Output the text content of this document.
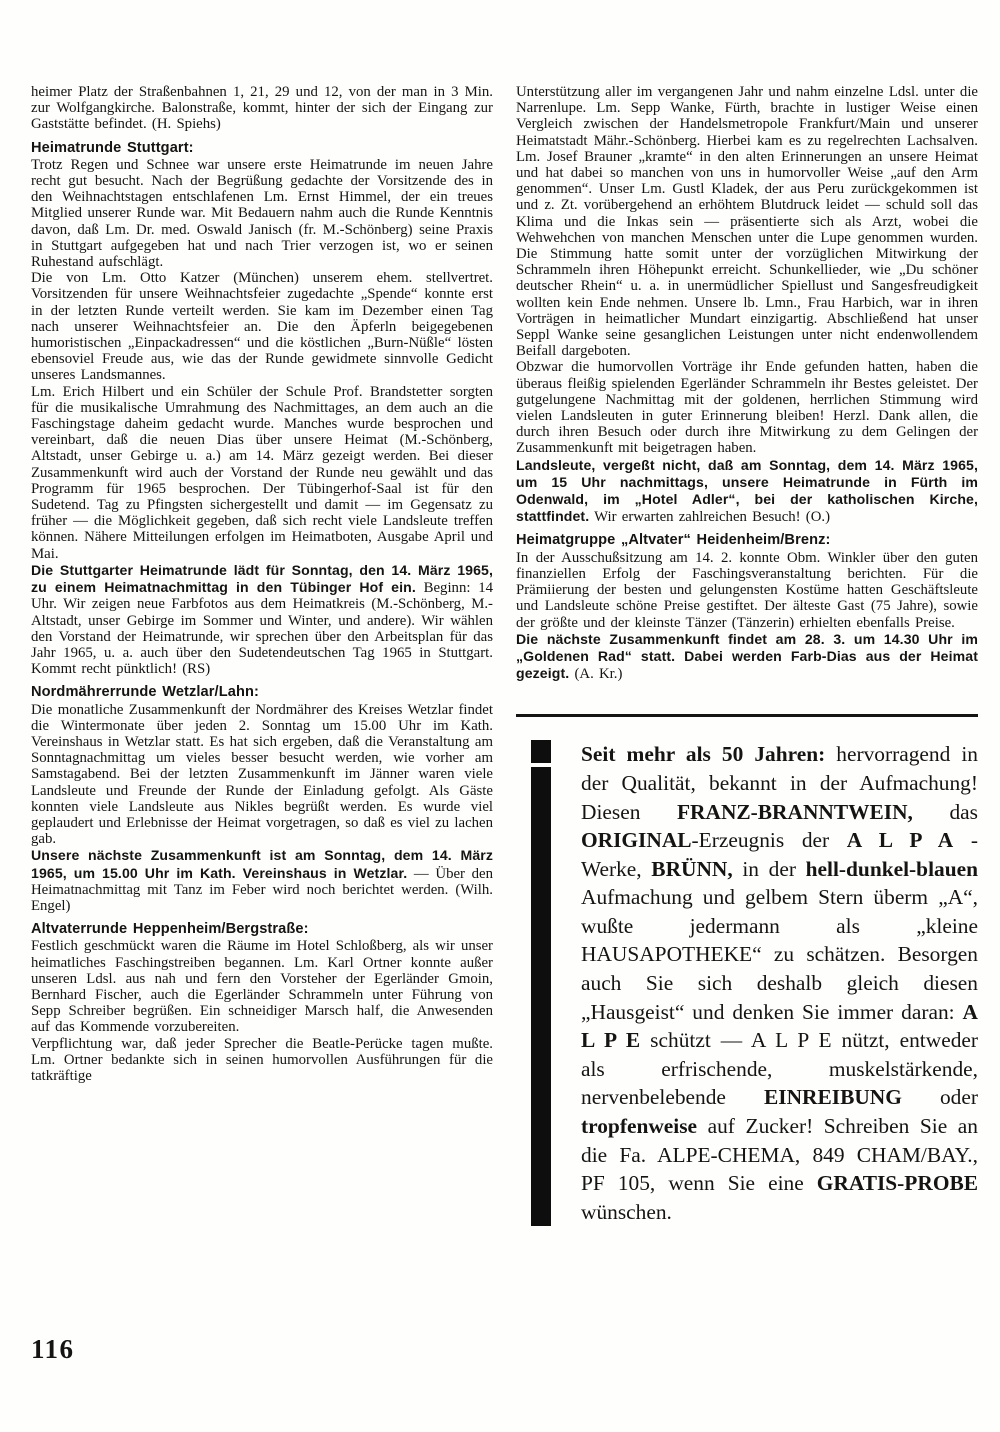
heimer Platz der Straßenbahnen 1, 21, 29 und 12, von der man in 3 Min. zur Wolfgangkirche. Balonstraße, kommt, hinter der sich der Eingang zur Gaststätte befindet. (H. Spiehs)

Heimatrunde Stuttgart:

Trotz Regen und Schnee war unsere erste Heimatrunde im neuen Jahre recht gut besucht. Nach der Begrüßung gedachte der Vorsitzende des in den Weihnachtstagen entschlafenen Lm. Ernst Himmel, der ein treues Mitglied unserer Runde war. Mit Bedauern nahm auch die Runde Kenntnis davon, daß Lm. Dr. med. Oswald Janisch (fr. M.-Schönberg) seine Praxis in Stuttgart aufgegeben hat und nach Trier verzogen ist, wo er seinen Ruhestand aufschlägt.

Die von Lm. Otto Katzer (München) unserem ehem. stellvertret. Vorsitzenden für unsere Weihnachtsfeier zugedachte „Spende“ konnte erst in der letzten Runde verteilt werden. Sie kam im Dezember einen Tag nach unserer Weihnachtsfeier an. Die den Äpferln beigegebenen humoristischen „Einpackadressen“ und die köstlichen „Burn-Nüßle“ lösten ebensoviel Freude aus, wie das der Runde gewidmete sinnvolle Gedicht unseres Landsmannes.

Lm. Erich Hilbert und ein Schüler der Schule Prof. Brandstetter sorgten für die musikalische Umrahmung des Nachmittages, an dem auch an die Faschingstage daheim gedacht wurde. Manches wurde besprochen und vereinbart, daß die neuen Dias über unsere Heimat (M.-Schönberg, Altstadt, unser Gebirge u. a.) am 14. März gezeigt werden. Bei dieser Zusammenkunft wird auch der Vorstand der Runde neu gewählt und das Programm für 1965 besprochen. Der Tübingerhof-Saal ist für den Sudetend. Tag zu Pfingsten sichergestellt und damit — im Gegensatz zu früher — die Möglichkeit gegeben, daß sich recht viele Landsleute treffen können. Nähere Mitteilungen erfolgen im Heimatboten, Ausgabe April und Mai.

Die Stuttgarter Heimatrunde lädt für Sonntag, den 14. März 1965, zu einem Heimatnachmittag in den Tübinger Hof ein. Beginn: 14 Uhr. Wir zeigen neue Farbfotos aus dem Heimatkreis (M.-Schönberg, M.-Altstadt, unser Gebirge im Sommer und Winter, und andere). Wir wählen den Vorstand der Heimatrunde, wir sprechen über den Arbeitsplan für das Jahr 1965, u. a. auch über den Sudetendeutschen Tag 1965 in Stuttgart. Kommt recht pünktlich! (RS)

Nordmährerrunde Wetzlar/Lahn:

Die monatliche Zusammenkunft der Nordmährer des Kreises Wetzlar findet die Wintermonate über jeden 2. Sonntag um 15.00 Uhr im Kath. Vereinshaus in Wetzlar statt. Es hat sich ergeben, daß die Veranstaltung am Sonntagnachmittag um vieles besser besucht werden, wie vorher am Samstagabend. Bei der letzten Zusammenkunft im Jänner waren viele Landsleute und Freunde der Runde der Einladung gefolgt. Als Gäste konnten viele Landsleute aus Nikles begrüßt werden. Es wurde viel geplaudert und Erlebnisse der Heimat vorgetragen, so daß es viel zu lachen gab.

Unsere nächste Zusammenkunft ist am Sonntag, dem 14. März 1965, um 15.00 Uhr im Kath. Vereinshaus in Wetzlar. — Über den Heimatnachmittag mit Tanz im Feber wird noch berichtet werden. (Wilh. Engel)

Altvaterrunde Heppenheim/Bergstraße:

Festlich geschmückt waren die Räume im Hotel Schloßberg, als wir unser heimatliches Faschingstreiben begannen. Lm. Karl Ortner konnte außer unseren Ldsl. aus nah und fern den Vorsteher der Egerländer Gmoin, Bernhard Fischer, auch die Egerländer Schrammeln unter Führung von Sepp Schreiber begrüßen. Ein schneidiger Marsch half, die Anwesenden auf das Kommende vorzubereiten.

Verpflichtung war, daß jeder Sprecher die Beatle-Perücke tagen mußte. Lm. Ortner bedankte sich in seinen humorvollen Ausführungen für die tatkräftige

Unterstützung aller im vergangenen Jahr und nahm einzelne Ldsl. unter die Narrenlupe. Lm. Sepp Wanke, Fürth, brachte in lustiger Weise einen Vergleich zwischen der Handelsmetropole Frankfurt/Main und unserer Heimatstadt Mähr.-Schönberg. Hierbei kam es zu regelrechten Lachsalven. Lm. Josef Brauner „kramte“ in den alten Erinnerungen an unsere Heimat und hat dabei so manchen von uns in humorvoller Weise „auf den Arm genommen“. Unser Lm. Gustl Kladek, der aus Peru zurückgekommen ist und z. Zt. vorübergehend an erhöhtem Blutdruck leidet — schuld soll das Klima und die Inkas sein — präsentierte sich als Arzt, wobei die Wehwehchen von manchen Menschen unter die Lupe genommen wurden. Die Stimmung hatte somit unter der vorzüglichen Mitwirkung der Schrammeln ihren Höhepunkt erreicht. Schunkellieder, wie „Du schöner deutscher Rhein“ u. a. in unermüdlicher Spiellust und Sangesfreudigkeit wollten kein Ende nehmen. Unsere lb. Lmn., Frau Harbich, war in ihren Vorträgen in heimatlicher Mundart einzigartig. Abschließend hat unser Seppl Wanke seine gesanglichen Leistungen unter nicht endenwollendem Beifall dargeboten.

Obzwar die humorvollen Vorträge ihr Ende gefunden hatten, haben die überaus fleißig spielenden Egerländer Schrammeln ihr Bestes geleistet. Der gutgelungene Nachmittag mit der goldenen, herrlichen Stimmung wird vielen Landsleuten in guter Erinnerung bleiben! Herzl. Dank allen, die durch ihren Besuch oder durch ihre Mitwirkung zu dem Gelingen der Zusammenkunft mit beigetragen haben.

Landsleute, vergeßt nicht, daß am Sonntag, dem 14. März 1965, um 15 Uhr nachmittags, unsere Heimatrunde in Fürth im Odenwald, im „Hotel Adler“, bei der katholischen Kirche, stattfindet. Wir erwarten zahlreichen Besuch! (O.)

Heimatgruppe „Altvater“ Heidenheim/Brenz:

In der Ausschußsitzung am 14. 2. konnte Obm. Winkler über den guten finanziellen Erfolg der Faschingsveranstaltung berichten. Für die Prämiierung der besten und gelungensten Kostüme hatten Geschäftsleute und Landsleute schöne Preise gestiftet. Der älteste Gast (75 Jahre), sowie der größte und der kleinste Tänzer (Tänzerin) erhielten ebenfalls Preise.

Die nächste Zusammenkunft findet am 28. 3. um 14.30 Uhr im „Goldenen Rad“ statt. Dabei werden Farb-Dias aus der Heimat gezeigt. (A. Kr.)

Seit mehr als 50 Jahren: hervorragend in der Qualität, bekannt in der Aufmachung! Diesen FRANZ-BRANNTWEIN, das ORIGINAL-Erzeugnis der A L P A - Werke, BRÜNN, in der hell-dunkel-blauen Aufmachung und gelbem Stern überm „A“, wußte jedermann als „kleine HAUSAPOTHEKE“ zu schätzen. Besorgen auch Sie sich deshalb gleich diesen „Hausgeist“ und denken Sie immer daran: A L P E schützt — A L P E nützt, entweder als erfrischende, muskelstärkende, nervenbelebende EINREIBUNG oder tropfenweise auf Zucker! Schreiben Sie an die Fa. ALPE-CHEMA, 849 CHAM/BAY., PF 105, wenn Sie eine GRATIS-PROBE wünschen.

116
